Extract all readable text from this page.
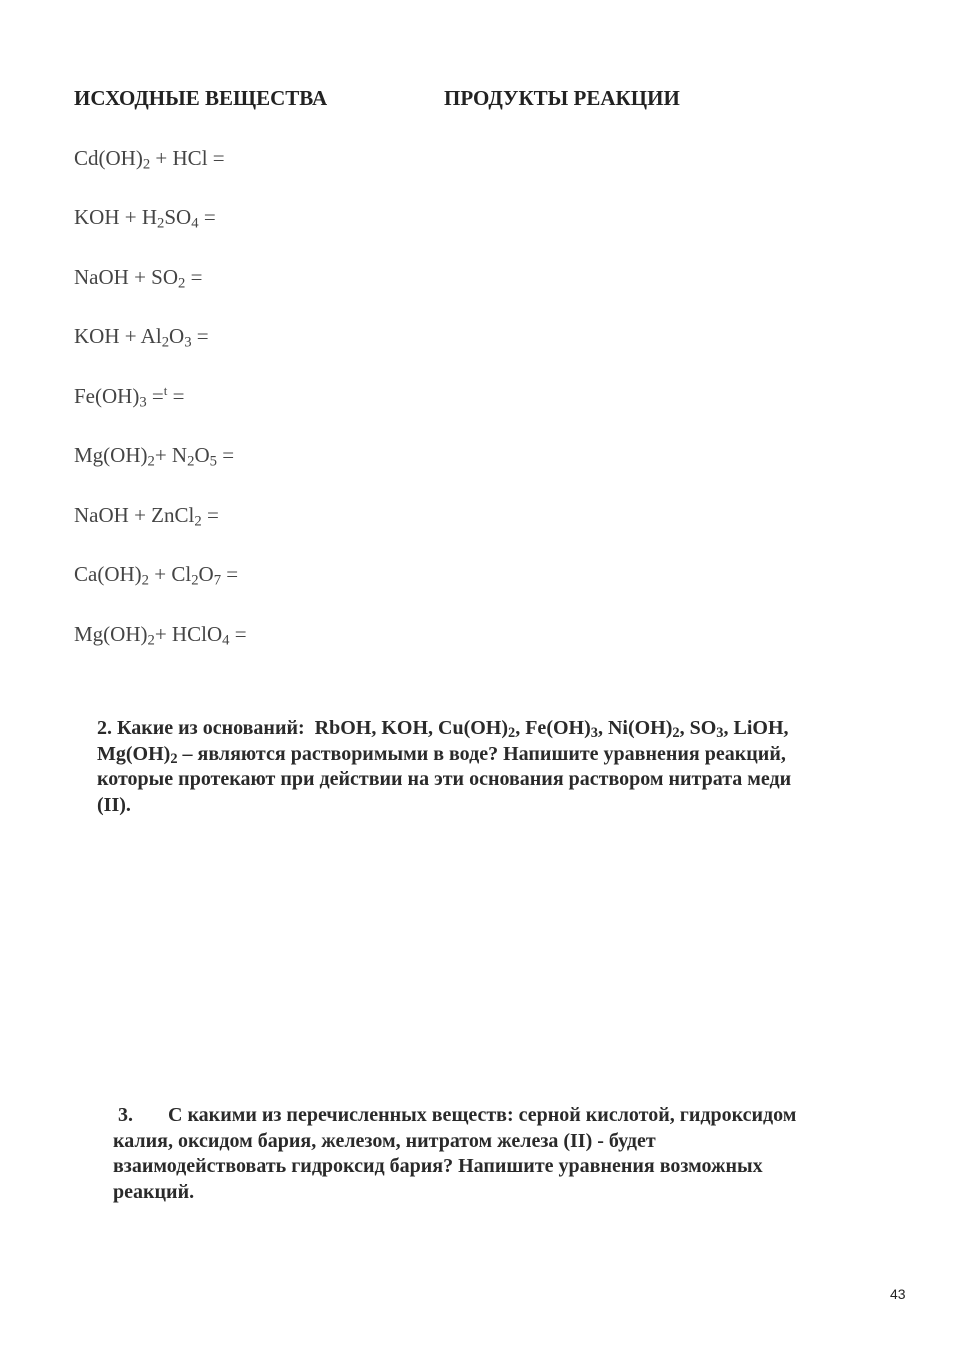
ИСХОДНЫЕ ВЕЩЕСТВА	ПРОДУКТЫ РЕАКЦИИ
$Cd(OH)_2$ + HCl =
KOH + $H_2SO_4$ =
NaOH + $SO_2$ =
KOH + $Al_2O_3$ =
$Fe(OH)_3 =^t$ =
$Mg(OH)_2+ N_2O_5$ =
NaOH + ZnCl$_2$ =
$Ca(OH)_2 + Cl_2O_7$ =
$Mg(OH)_2+$ HClO$_4$ =
2. Какие из оснований:  RbOH, KOH, $Cu(OH)_2$, $Fe(OH)_3$, $Ni(OH)_2$, $SO_3$, LiOH,
$Mg(OH)_2$ – являются растворимыми в воде? Напишите уравнения реакций,
которые протекают при действии на эти основания раствором нитрата меди
(II).
3.       С какими из перечисленных веществ: серной кислотой, гидроксидом
калия, оксидом бария, железом, нитратом железа (II) - будет
взаимодействовать гидроксид бария? Напишите уравнения возможных
реакций.
43
